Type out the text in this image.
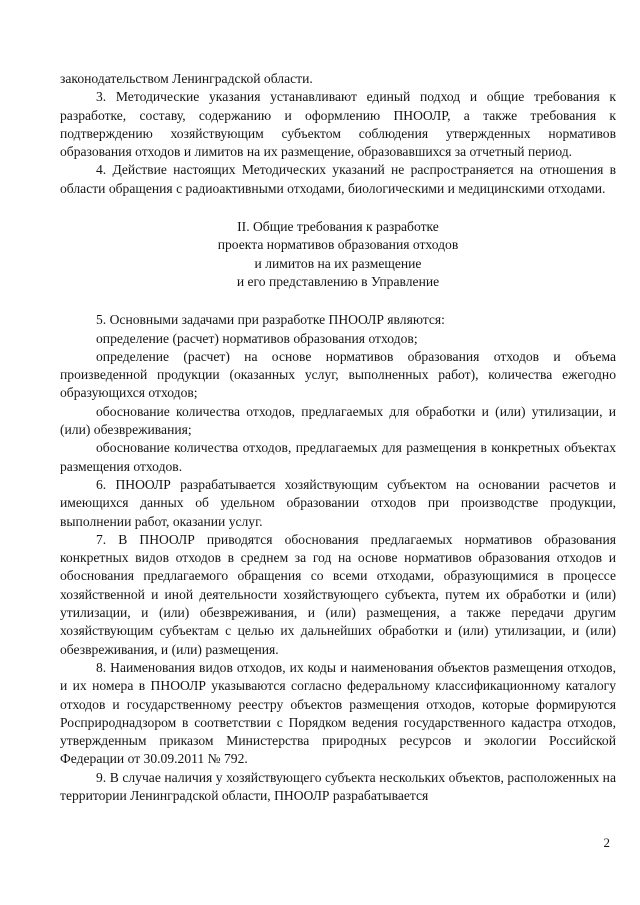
законодательством Ленинградской области.

3. Методические указания устанавливают единый подход и общие требования к разработке, составу, содержанию и оформлению ПНООЛР, а также требования к подтверждению хозяйствующим субъектом соблюдения утвержденных нормативов образования отходов и лимитов на их размещение, образовавшихся за отчетный период.

4. Действие настоящих Методических указаний не распространяется на отношения в области обращения с радиоактивными отходами, биологическими и медицинскими отходами.

II. Общие требования к разработке
проекта нормативов образования отходов
и лимитов на их размещение
и его представлению в Управление

5. Основными задачами при разработке ПНООЛР являются:

определение (расчет) нормативов образования отходов;

определение (расчет) на основе нормативов образования отходов и объема произведенной продукции (оказанных услуг, выполненных работ), количества ежегодно образующихся отходов;

обоснование количества отходов, предлагаемых для обработки и (или) утилизации, и (или) обезвреживания;

обоснование количества отходов, предлагаемых для размещения в конкретных объектах размещения отходов.

6. ПНООЛР разрабатывается хозяйствующим субъектом на основании расчетов и имеющихся данных об удельном образовании отходов при производстве продукции, выполнении работ, оказании услуг.

7. В ПНООЛР приводятся обоснования предлагаемых нормативов образования конкретных видов отходов в среднем за год на основе нормативов образования отходов и обоснования предлагаемого обращения со всеми отходами, образующимися в процессе хозяйственной и иной деятельности хозяйствующего субъекта, путем их обработки и (или) утилизации, и (или) обезвреживания, и (или) размещения, а также передачи другим хозяйствующим субъектам с целью их дальнейших обработки и (или) утилизации, и (или) обезвреживания, и (или) размещения.

8. Наименования видов отходов, их коды и наименования объектов размещения отходов, и их номера в ПНООЛР указываются согласно федеральному классификационному каталогу отходов и государственному реестру объектов размещения отходов, которые формируются Росприроднадзором в соответствии с Порядком ведения государственного кадастра отходов, утвержденным приказом Министерства природных ресурсов и экологии Российской Федерации от 30.09.2011 № 792.

9. В случае наличия у хозяйствующего субъекта нескольких объектов, расположенных на территории Ленинградской области, ПНООЛР разрабатывается

2
